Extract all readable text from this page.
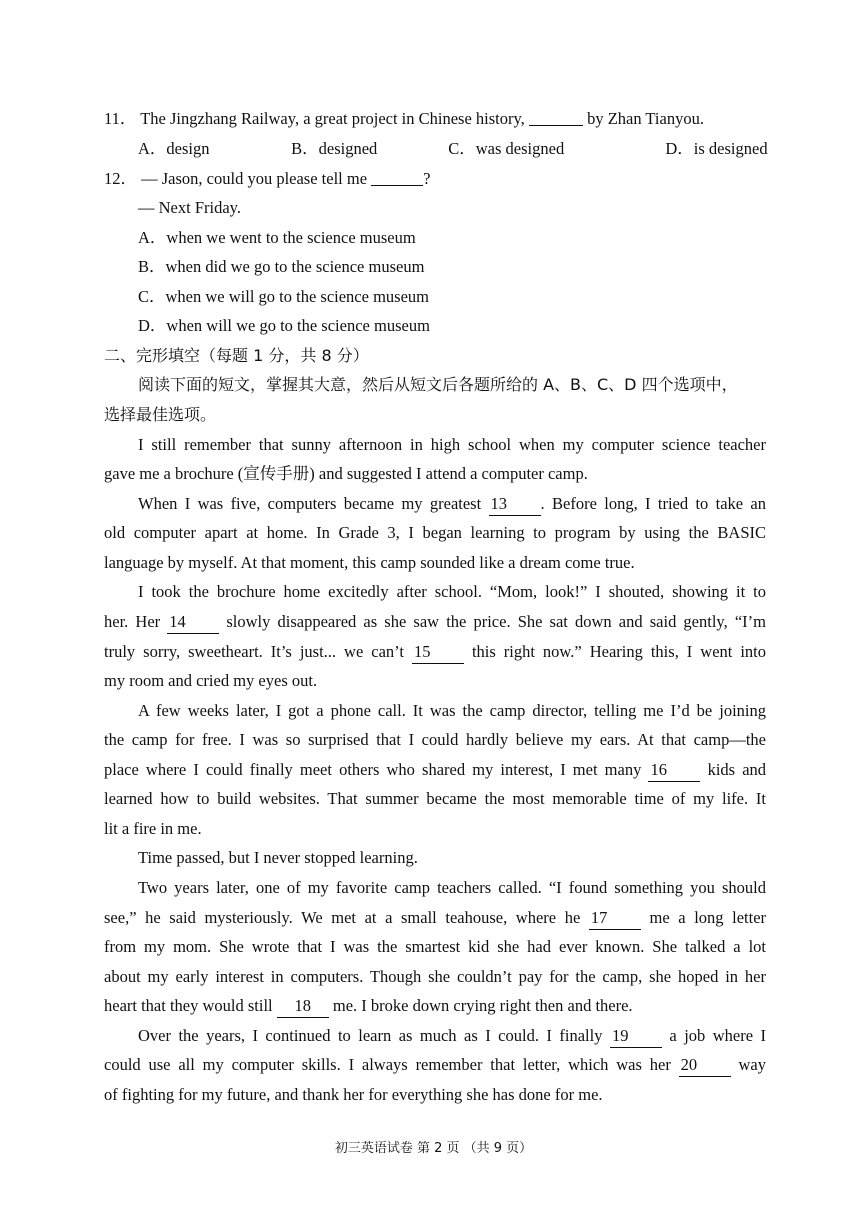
11． The Jingzhang Railway, a great project in Chinese history,	by Zhan Tianyou.
A．design	B．designed	C．was designed	D．is designed
12． — Jason, could you please tell me	?
— Next Friday.
A．when we went to the science museum
B．when did we go to the science museum
C．when we will go to the science museum
D．when will we go to the science museum
二、完形填空（每题 1 分，共 8 分）
阅读下面的短文，掌握其大意，然后从短文后各题所给的 A、B、C、D 四个选项中，
选择最佳选项。
I still remember that sunny afternoon in high school when my computer science teacher
gave me a brochure (宣传手册) and suggested I attend a computer camp.
When I was five, computers became my greatest 13 . Before long, I tried to take an
old computer apart at home. In Grade 3, I began learning to program by using the BASIC
language by myself. At that moment, this camp sounded like a dream come true.
I took the brochure home excitedly after school. “Mom, look!” I shouted, showing it to
her. Her 14 slowly disappeared as she saw the price. She sat down and said gently, “I’m
truly sorry, sweetheart. It’s just... we can’t 15	this right now.” Hearing this, I went into
my room and cried my eyes out.
A few weeks later, I got a phone call. It was the camp director, telling me I’d be joining
the camp for free. I was so surprised that I could hardly believe my ears. At that camp—the
place where I could finally meet others who shared my interest, I met many 16 kids and
learned how to build websites. That summer became the most memorable time of my life. It
lit a fire in me.
Time passed, but I never stopped learning.
Two years later, one of my favorite camp teachers called. “I found something you should
see,” he said mysteriously. We met at a small teahouse, where he 17	me a long letter
from my mom. She wrote that I was the smartest kid she had ever known. She talked a lot
about my early interest in computers. Though she couldn’t pay for the camp, she hoped in her
heart that they would still 18 me. I broke down crying right then and there.
Over the years, I continued to learn as much as I could. I finally 19 a job where I
could use all my computer skills. I always remember that letter, which was her 20	way
of fighting for my future, and thank her for everything she has done for me.
初三英语试卷 第 2 页 （共 9 页）
